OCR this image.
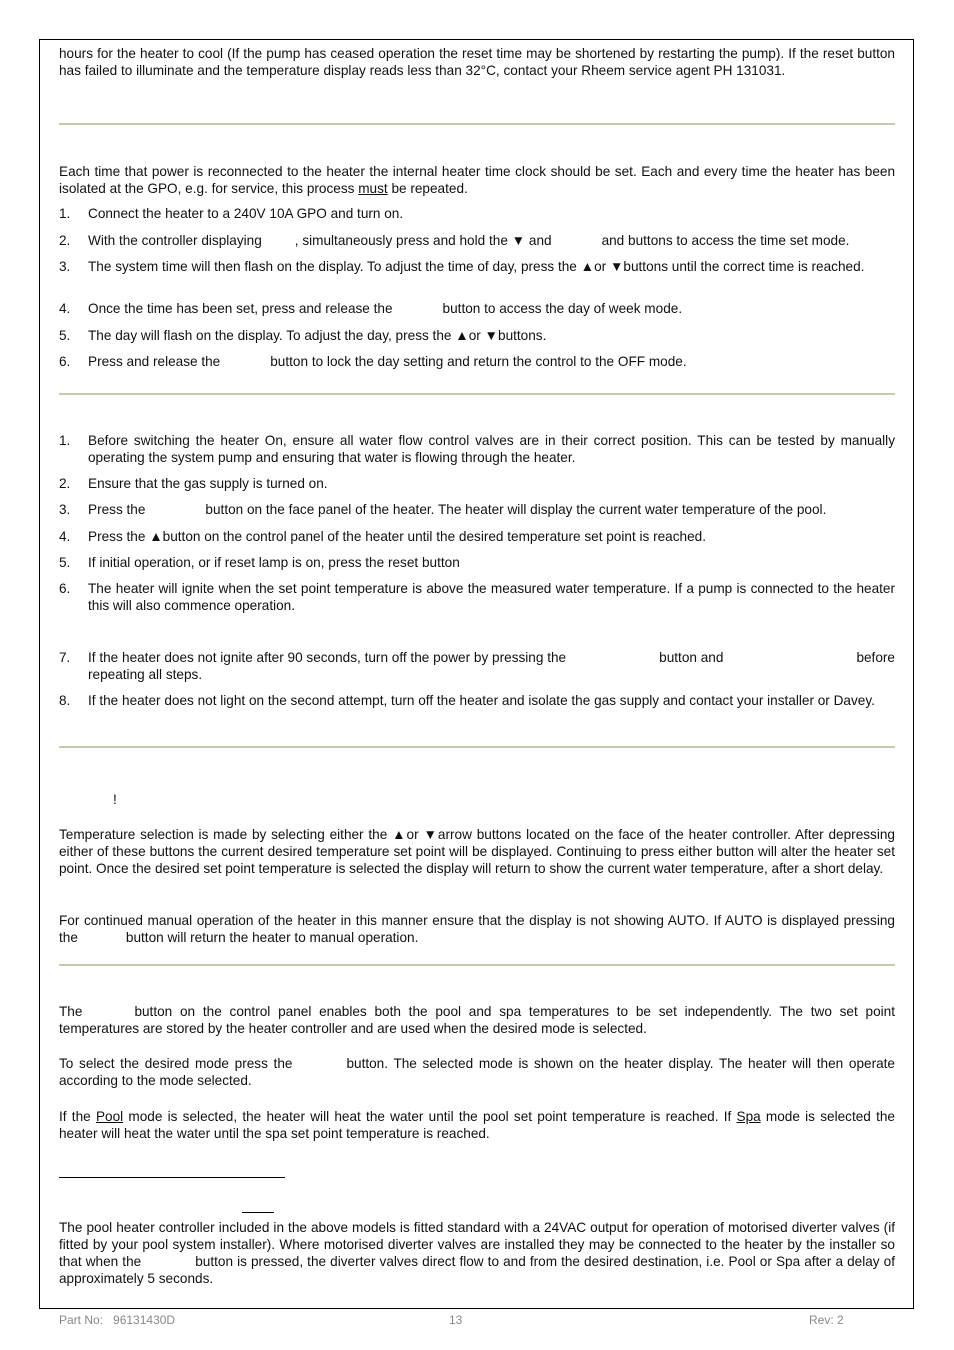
hours for the heater to cool (If the pump has ceased operation the reset time may be shortened by restarting the pump). If the reset button has failed to illuminate and the temperature display reads less than 32°C, contact your Rheem service agent PH 131031.

Each time that power is reconnected to the heater the internal heater time clock should be set. Each and every time the heater has been isolated at the GPO, e.g. for service, this process must be repeated.

1.	Connect the heater to a 240V 10A GPO and turn on.
2.	With the controller displaying , simultaneously press and hold the ▼ and	and buttons to access the time set mode.
3.	The system time will then flash on the display. To adjust the time of day, press the ▲or ▼buttons until the correct time is reached.
4.	Once the time has been set, press and release the	button to access the day of week mode.
5.	The day will flash on the display. To adjust the day, press the ▲or ▼buttons.
6.	Press and release the	button to lock the day setting and return the control to the OFF mode.
1.	Before switching the heater On, ensure all water flow control valves are in their correct position. This can be tested by manually operating the system pump and ensuring that water is flowing through the heater.
2.	Ensure that the gas supply is turned on.
3.	Press the	button on the face panel of the heater. The heater will display the current water temperature of the pool.
4.	Press the ▲button on the control panel of the heater until the desired temperature set point is reached.
5.	If initial operation, or if reset lamp is on, press the reset button
6.	The heater will ignite when the set point temperature is above the measured water temperature. If a pump is connected to the heater this will also commence operation.
7.	If the heater does not ignite after 90 seconds, turn off the power by pressing the	button and	before
repeating all steps.
8.	If the heater does not light on the second attempt, turn off the heater and isolate the gas supply and contact your installer or Davey.

!

Temperature selection is made by selecting either the ▲or ▼arrow buttons located on the face of the heater controller. After depressing either of these buttons the current desired temperature set point will be displayed. Continuing to press either button will alter the heater set point. Once the desired set point temperature is selected the display will return to show the current water temperature, after a short delay.

For continued manual operation of the heater in this manner ensure that the display is not showing AUTO. If AUTO is displayed pressing the	button will return the heater to manual operation.

The	button on the control panel enables both the pool and spa temperatures to be set independently. The two set point temperatures are stored by the heater controller and are used when the desired mode is selected.

To select the desired mode press the	button. The selected mode is shown on the heater display. The heater will then operate according to the mode selected.

If the Pool mode is selected, the heater will heat the water until the pool set point temperature is reached. If Spa mode is selected the heater will heat the water until the spa set point temperature is reached.

The pool heater controller included in the above models is fitted standard with a 24VAC output for operation of motorised diverter valves (if fitted by your pool system installer). Where motorised diverter valves are installed they may be connected to the heater by the installer so that when the	button is pressed, the diverter valves direct flow to and from the desired destination, i.e. Pool or Spa after a delay of approximately 5 seconds.

Part No: 96131430D	13	Rev: 2
